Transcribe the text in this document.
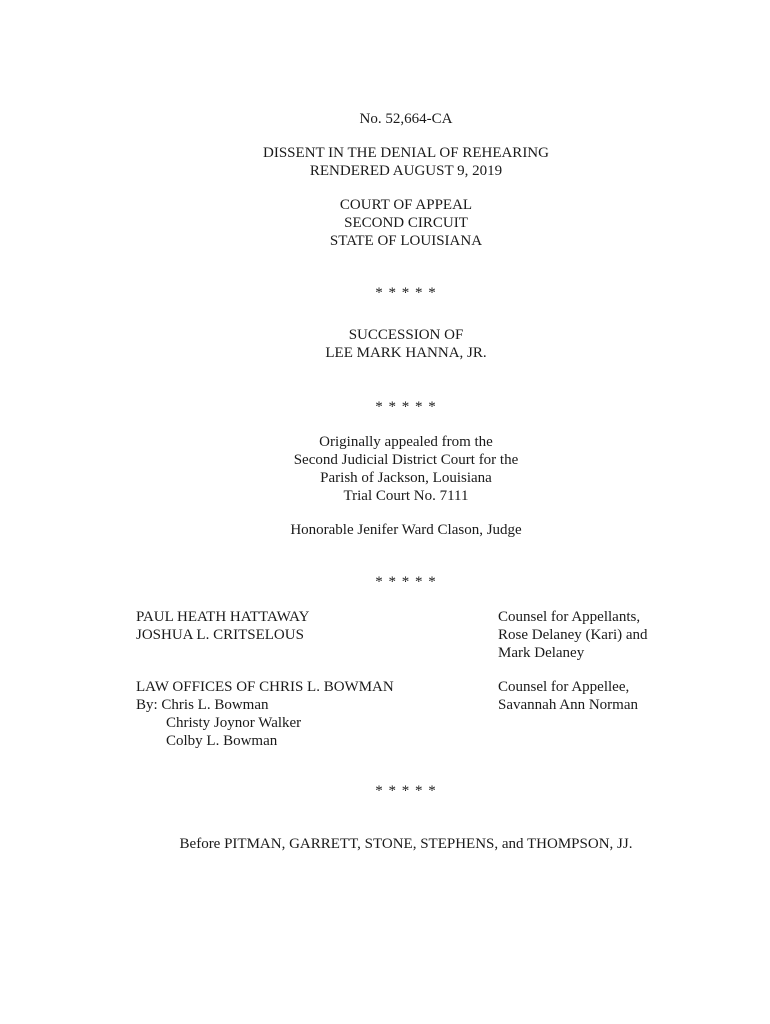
No. 52,664-CA
DISSENT IN THE DENIAL OF REHEARING
RENDERED AUGUST 9, 2019
COURT OF APPEAL
SECOND CIRCUIT
STATE OF LOUISIANA
* * * * *
SUCCESSION OF
LEE MARK HANNA, JR.
* * * * *
Originally appealed from the
Second Judicial District Court for the
Parish of Jackson, Louisiana
Trial Court No. 7111
Honorable Jenifer Ward Clason, Judge
* * * * *
PAUL HEATH HATTAWAY
JOSHUA L. CRITSELOUS
Counsel for Appellants,
Rose Delaney (Kari) and
Mark Delaney
LAW OFFICES OF CHRIS L. BOWMAN
By: Chris L. Bowman
Christy Joynor Walker
Colby L. Bowman
Counsel for Appellee,
Savannah Ann Norman
* * * * *
Before PITMAN, GARRETT, STONE, STEPHENS, and THOMPSON, JJ.
